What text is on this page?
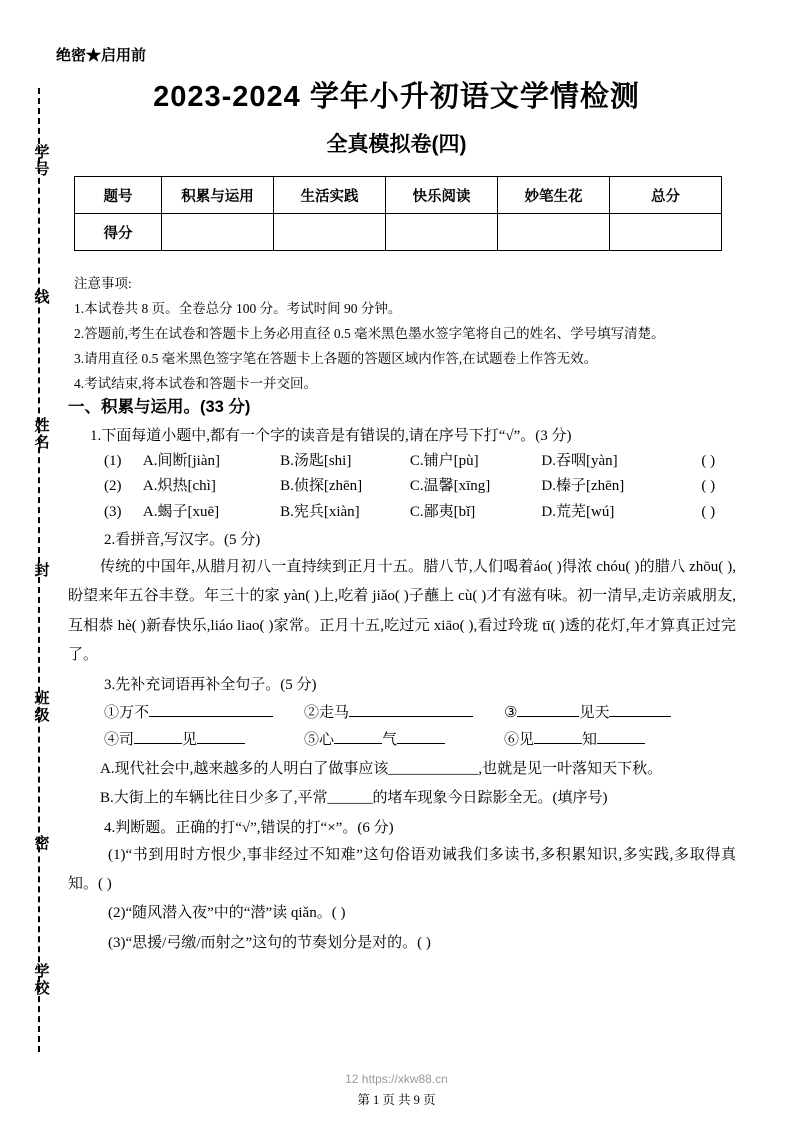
学号
线
姓名
封
班级
密
学校
绝密★启用前
2023-2024 学年小升初语文学情检测
全真模拟卷(四)
题号	积累与运用	生活实践	快乐阅读	妙笔生花	总分
得分					
注意事项:
1.本试卷共 8 页。全卷总分 100 分。考试时间 90 分钟。
2.答题前,考生在试卷和答题卡上务必用直径 0.5 毫米黑色墨水签字笔将自己的姓名、学号填写清楚。
3.请用直径 0.5 毫米黑色签字笔在答题卡上各题的答题区域内作答,在试题卷上作答无效。
4.考试结束,将本试卷和答题卡一并交回。
一、积累与运用。(33 分)
1.下面每道小题中,都有一个字的读音是有错误的,请在序号下打“√”。(3 分)
(1)	A.间断[jiàn]	B.汤匙[shi]	C.铺户[pù]	D.吞咽[yàn]	( )
(2)	A.炽热[chì]	B.侦探[zhēn]	C.温馨[xīng]	D.榛子[zhēn]	( )
(3)	A.蝎子[xuē]	B.宪兵[xiàn]	C.鄙夷[bǐ]	D.荒芜[wú]	( )
2.看拼音,写汉字。(5 分)
传统的中国年,从腊月初八一直持续到正月十五。腊八节,人们喝着áo( )得浓 chóu( )的腊八 zhōu( ),盼望来年五谷丰登。年三十的家 yàn( )上,吃着 jiǎo( )子蘸上 cù( )才有滋有味。初一清早,走访亲戚朋友,互相恭 hè( )新春快乐,liáo liao( )家常。正月十五,吃过元 xiāo( ),看过玲珑 tī( )透的花灯,年才算真正过完了。
3.先补充词语再补全句子。(5 分)
①万不	②走马	③	见天
④司	见	⑤心	气	⑥见	知
A.现代社会中,越来越多的人明白了做事应该____________,也就是见一叶落知天下秋。
B.大街上的车辆比往日少多了,平常______的堵车现象今日踪影全无。(填序号)
4.判断题。正确的打“√”,错误的打“×”。(6 分)
(1)“书到用时方恨少,事非经过不知难”这句俗语劝诫我们多读书,多积累知识,多实践,多取得真知。( )
(2)“随风潜入夜”中的“潜”读 qiǎn。( )
(3)“思援/弓缴/而射之”这句的节奏划分是对的。( )
12 https://xkw88.cn
第 1 页 共 9 页
